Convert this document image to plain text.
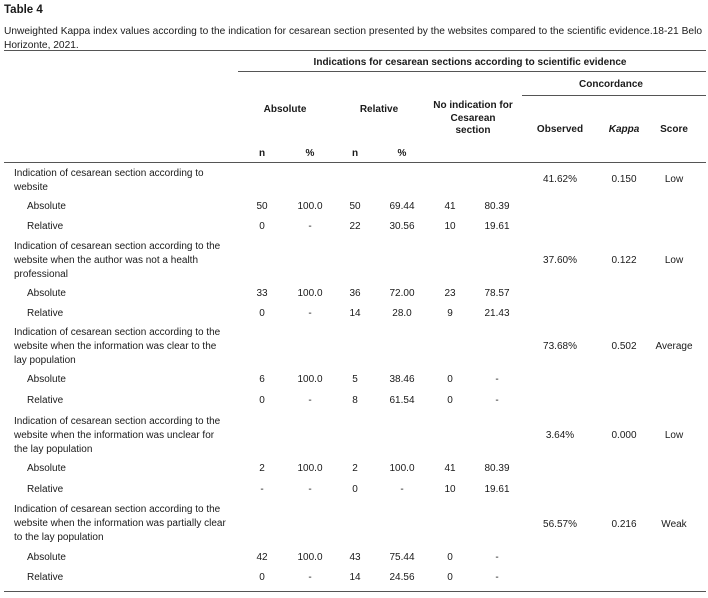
Table 4
Unweighted Kappa index values according to the indication for cesarean section presented by the websites compared to the scientific evidence.18-21 Belo Horizonte, 2021.
Indications for cesarean sections according to scientific evidence
Concordance
Absolute	Relative	No indication for Cesarean section	Observed	Kappa Score
n	%	n	%
Indication of cesarean section according to website
41.62%	0.150	Low
Absolute	50	100.0	50	69.44	41	80.39
Relative	0	-	22	30.56	10	19.61
Indication of cesarean section according to the website when the author was not a health professional
37.60%	0.122	Low
Absolute	33	100.0	36	72.00	23	78.57
Relative	0	-	14	28.0	9	21.43
Indication of cesarean section according to the website when the information was clear to the lay population
73.68%	0.502 Average
Absolute	6	100.0	5	38.46	0	-
Relative	0	-	8	61.54	0	-
Indication of cesarean section according to the website when the information was unclear for the lay population
3.64%	0.000	Low
Absolute	2	100.0	2	100.0	41	80.39
Relative	-	-	0	-	10	19.61
Indication of cesarean section according to the website when the information was partially clear to the lay population
56.57%	0.216 Weak
Absolute	42	100.0	43	75.44	0	-
Relative	0	-	14	24.56	0	-
